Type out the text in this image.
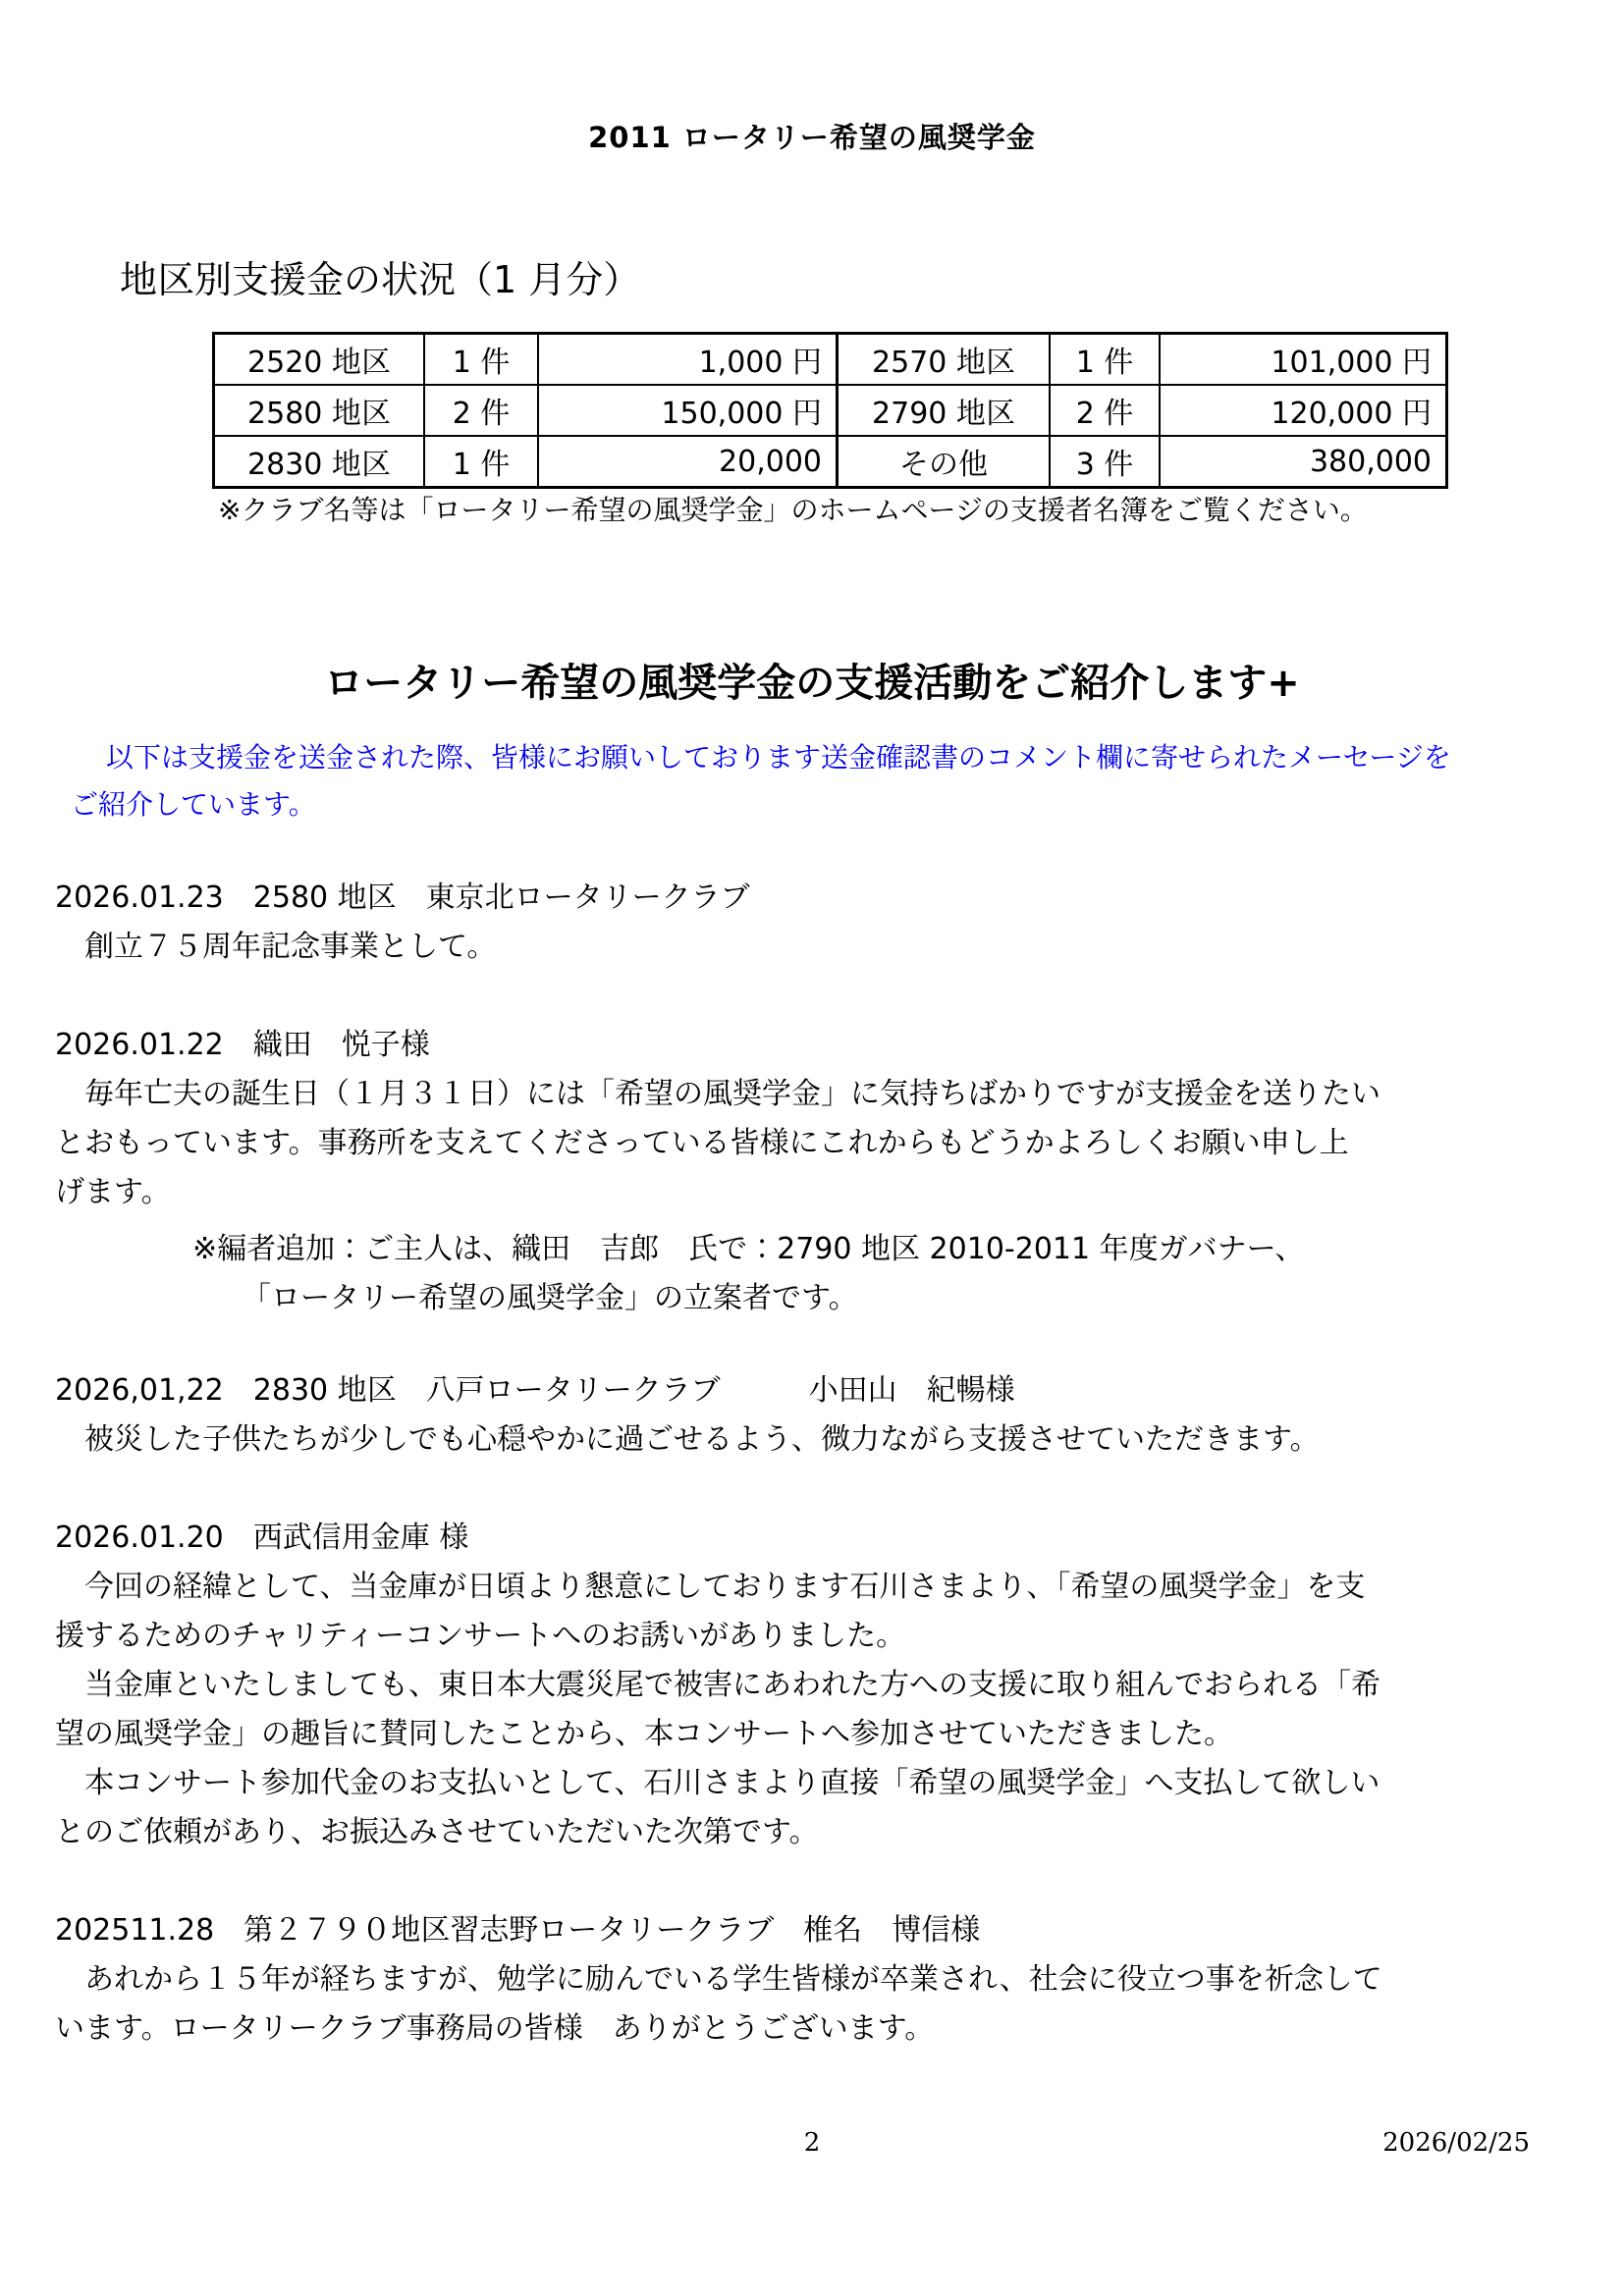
2011 ロータリー希望の風奨学金
地区別支援金の状況（1 月分）
2520 地区	1 件	1,000 円	2570 地区	1 件	101,000 円
2580 地区	2 件	150,000 円	2790 地区	2 件	120,000 円
2830 地区	1 件	20,000	その他	3 件	380,000
※クラブ名等は「ロータリー希望の風奨学金」のホームページの支援者名簿をご覧ください。
ロータリー希望の風奨学金の支援活動をご紹介します+
以下は支援金を送金された際、皆様にお願いしております送金確認書のコメント欄に寄せられたメーセージを
ご紹介しています。
2026.01.23　2580 地区　東京北ロータリークラブ
　創立７５周年記念事業として。
2026.01.22　織田　悦子様
　毎年亡夫の誕生日（１月３１日）には「希望の風奨学金」に気持ちばかりですが支援金を送りたい
とおもっています。事務所を支えてくださっている皆様にこれからもどうかよろしくお願い申し上
げます。
※編者追加：ご主人は、織田　吉郎　氏で：2790 地区 2010-2011 年度ガバナー、
「ロータリー希望の風奨学金」の立案者です。
2026,01,22　2830 地区　八戸ロータリークラブ　　　小田山　紀暢様
　被災した子供たちが少しでも心穏やかに過ごせるよう、微力ながら支援させていただきます。
2026.01.20　西武信用金庫 様
　今回の経緯として、当金庫が日頃より懇意にしております石川さまより、「希望の風奨学金」を支
援するためのチャリティーコンサートへのお誘いがありました。
　当金庫といたしましても、東日本大震災尾で被害にあわれた方への支援に取り組んでおられる「希
望の風奨学金」の趣旨に賛同したことから、本コンサートへ参加させていただきました。
　本コンサート参加代金のお支払いとして、石川さまより直接「希望の風奨学金」へ支払して欲しい
とのご依頼があり、お振込みさせていただいた次第です。
202511.28　第２７９０地区習志野ロータリークラブ　椎名　博信様
　あれから１５年が経ちますが、勉学に励んでいる学生皆様が卒業され、社会に役立つ事を祈念して
います。ロータリークラブ事務局の皆様　ありがとうございます。
2	2026/02/25
